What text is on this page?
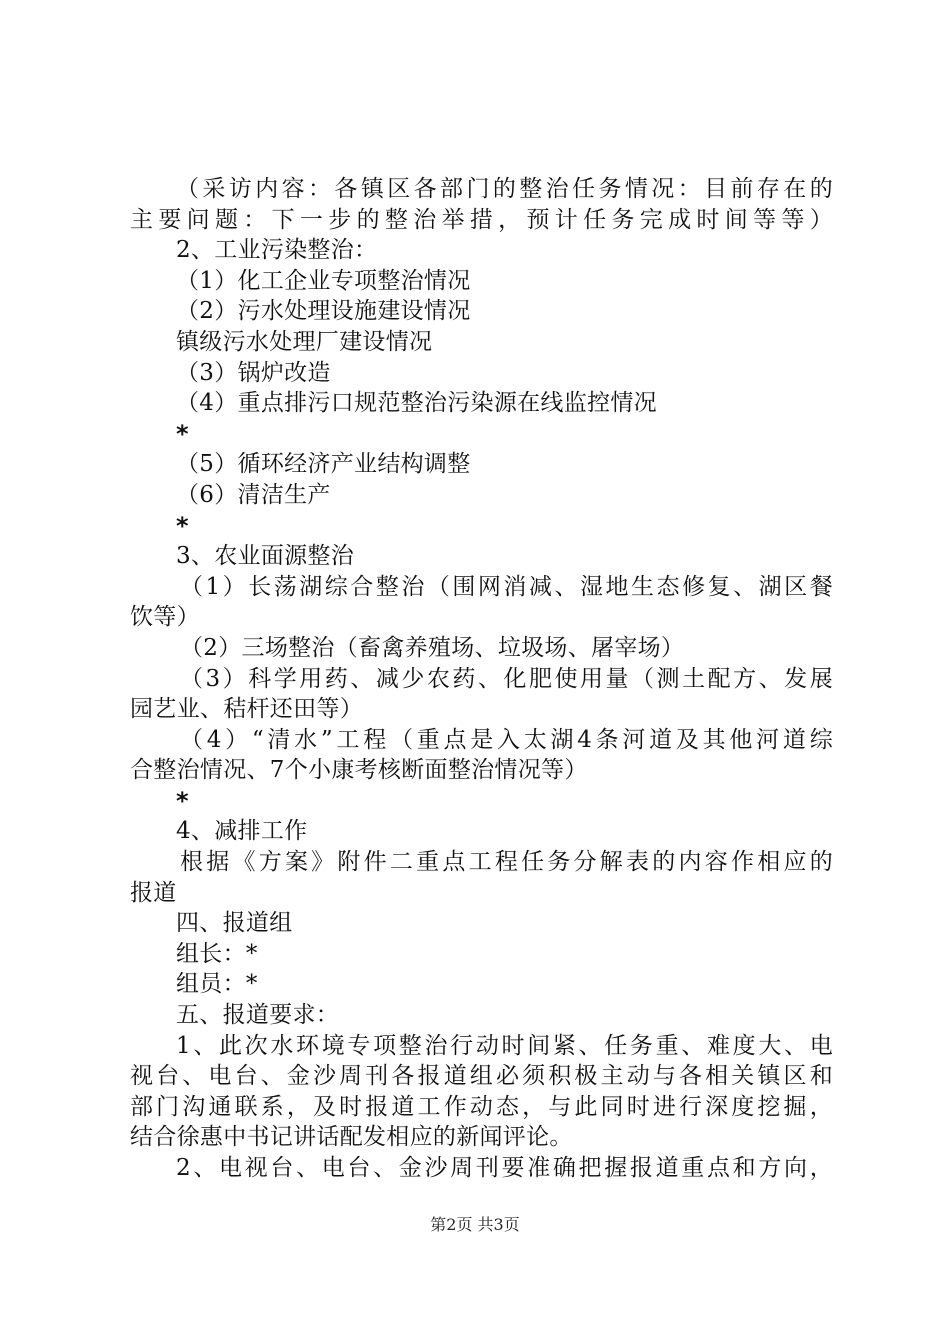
（采访内容：各镇区各部门的整治任务情况：目前存在的
主要问题：下一步的整治举措，预计任务完成时间等等）
2、工业污染整治：
（1）化工企业专项整治情况
（2）污水处理设施建设情况
镇级污水处理厂建设情况
（3）锅炉改造
（4）重点排污口规范整治污染源在线监控情况
*
（5）循环经济产业结构调整
（6）清洁生产
*
3、农业面源整治
（1）长荡湖综合整治（围网消减、湿地生态修复、湖区餐
饮等）
（2）三场整治（畜禽养殖场、垃圾场、屠宰场）
（3）科学用药、减少农药、化肥使用量（测土配方、发展
园艺业、秸杆还田等）
（4）“清水”工程（重点是入太湖4条河道及其他河道综
合整治情况、7个小康考核断面整治情况等）
*
4、减排工作
根据《方案》附件二重点工程任务分解表的内容作相应的
报道
四、报道组
组长：*
组员：*
五、报道要求：
1、此次水环境专项整治行动时间紧、任务重、难度大、电
视台、电台、金沙周刊各报道组必须积极主动与各相关镇区和
部门沟通联系，及时报道工作动态，与此同时进行深度挖掘，
结合徐惠中书记讲话配发相应的新闻评论。
2、电视台、电台、金沙周刊要准确把握报道重点和方向，
第2页 共3页
